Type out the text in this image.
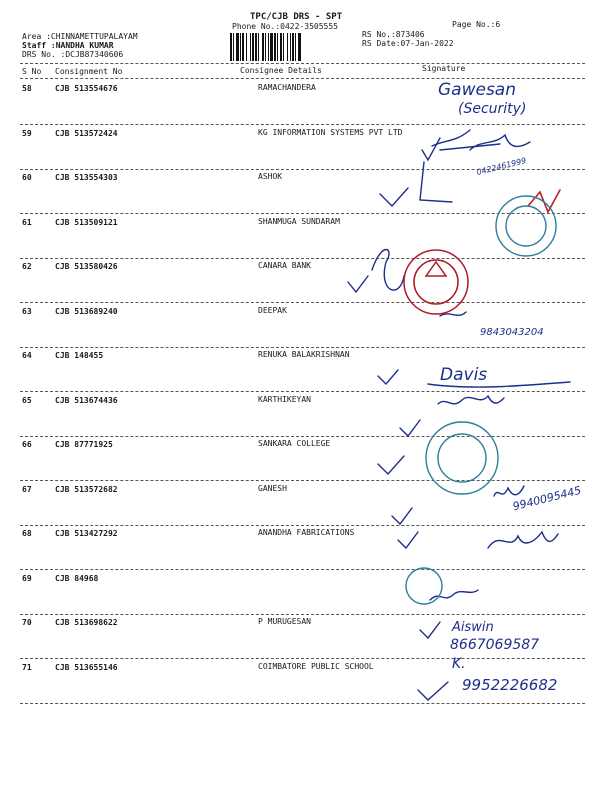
TPC/CJB DRS - SPT
Phone No.:0422-3505555	Page No.:6
Area :CHINNAMETTUPALAYAM
Staff :NANDHA KUMAR
DRS No. :DCJB87340606
RS No.:873406
RS Date:07-Jan-2022
S No Consignment No	Consignee Details	Signature
58	CJB 513554676	RAMACHANDERA
59	CJB 513572424	KG INFORMATION SYSTEMS PVT LTD
60	CJB 513554303	ASHOK
61	CJB 513509121	SHANMUGA SUNDARAM
62	CJB 513580426	CANARA BANK
63	CJB 513689240	DEEPAK
64	CJB 148455	RENUKA BALAKRISHNAN
65	CJB 513674436	KARTHIKEYAN
66	CJB 87771925	SANKARA COLLEGE
67	CJB 513572682	GANESH
68	CJB 513427292	ANANDHA FABRICATIONS
69	CJB 84968
70	CJB 513698622	P MURUGESAN
71	CJB 513655146	COIMBATORE PUBLIC SCHOOL
Gawesan
(Security)
0422461999
9843043204
Davis
9940095445
Aiswin
8667069587
K.
9952226682
